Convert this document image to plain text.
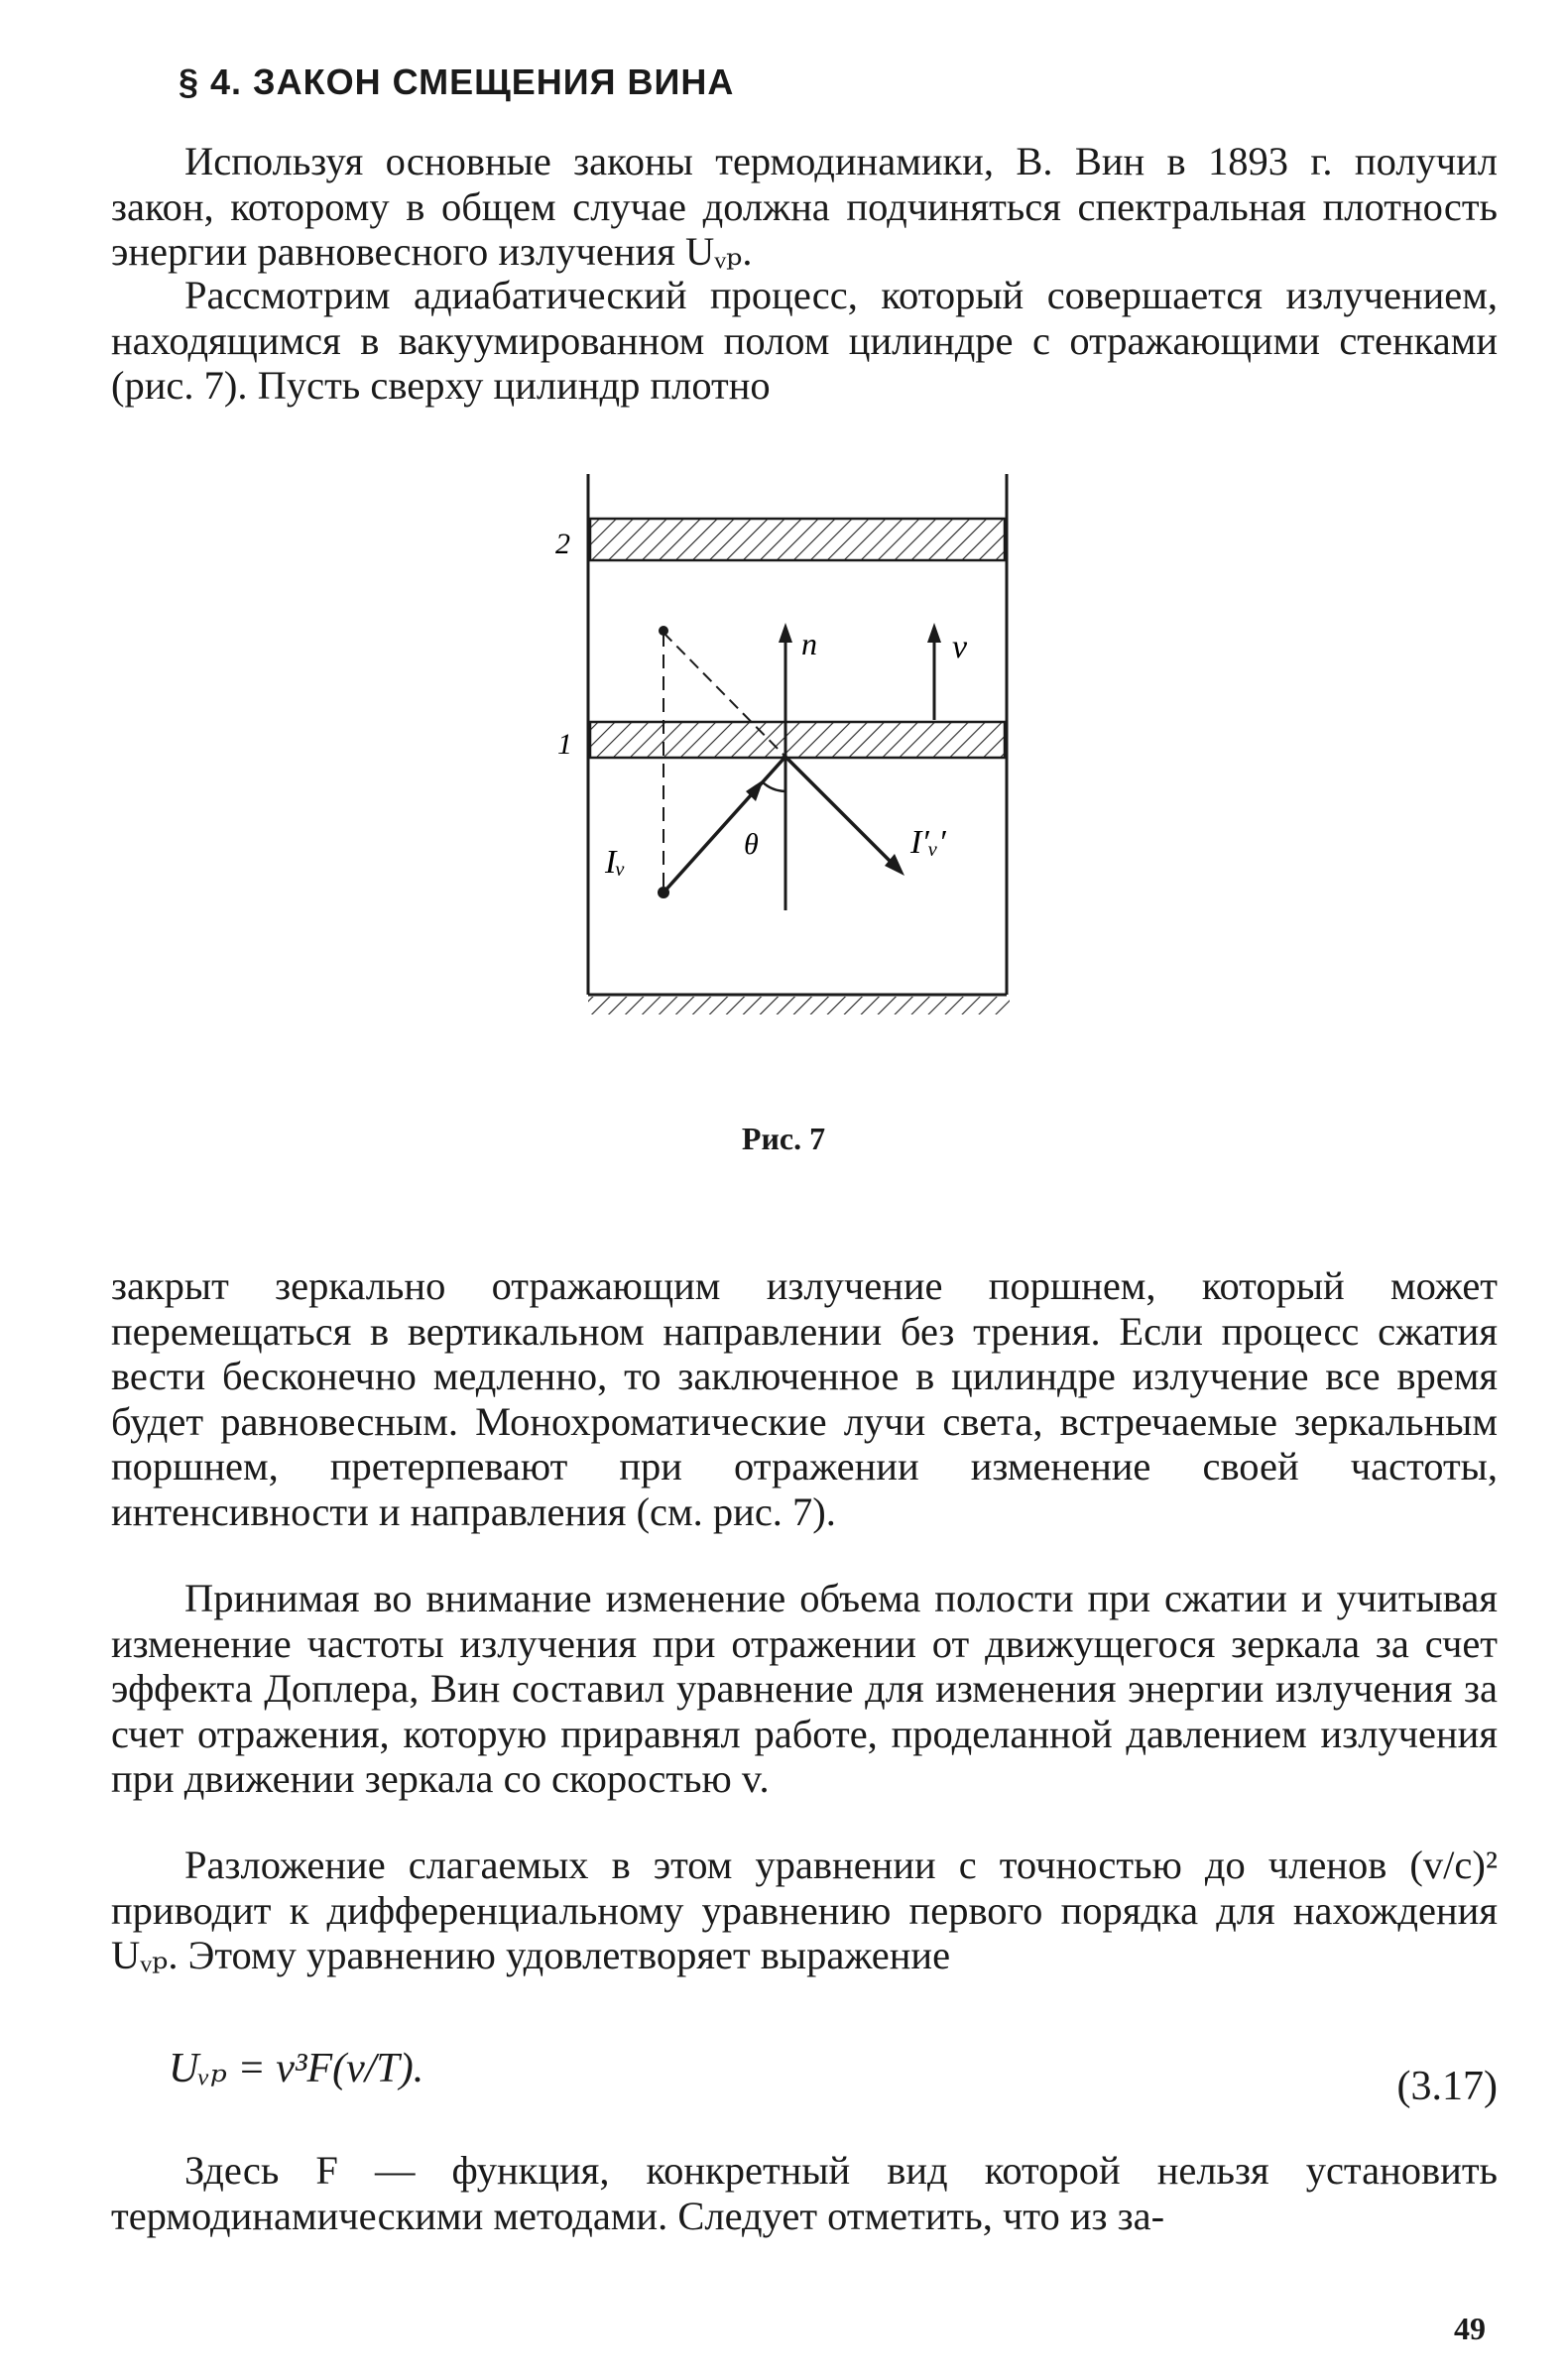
§ 4. ЗАКОН СМЕЩЕНИЯ ВИНА

Используя основные законы термодинамики, В. Вин в 1893 г. получил закон, которому в общем случае должна подчиняться спектральная плотность энергии равновесного излучения Uᵥₚ.

Рассмотрим адиабатический процесс, который совершается излучением, находящимся в вакуумированном полом цилиндре с отражающими стенками (рис. 7). Пусть сверху цилиндр плотно

2
1
n	v
θ
Iᵥ
I′ᵥ′

Рис. 7

закрыт зеркально отражающим излучение поршнем, который может перемещаться в вертикальном направлении без трения. Если процесс сжатия вести бесконечно медленно, то заключенное в цилиндре излучение все время будет равновесным. Монохроматические лучи света, встречаемые зеркальным поршнем, претерпевают при отражении изменение своей частоты, интенсивности и направления (см. рис. 7).

Принимая во внимание изменение объема полости при сжатии и учитывая изменение частоты излучения при отражении от движущегося зеркала за счет эффекта Доплера, Вин составил уравнение для изменения энергии излучения за счет отражения, которую приравнял работе, проделанной давлением излучения при движении зеркала со скоростью v.

Разложение слагаемых в этом уравнении с точностью до членов (v/c)² приводит к дифференциальному уравнению первого порядка для нахождения Uᵥₚ. Этому уравнению удовлетворяет выражение

Uᵥₚ = ν³F(ν/T).	(3.17)

Здесь F — функция, конкретный вид которой нельзя установить термодинамическими методами. Следует отметить, что из за-

49
